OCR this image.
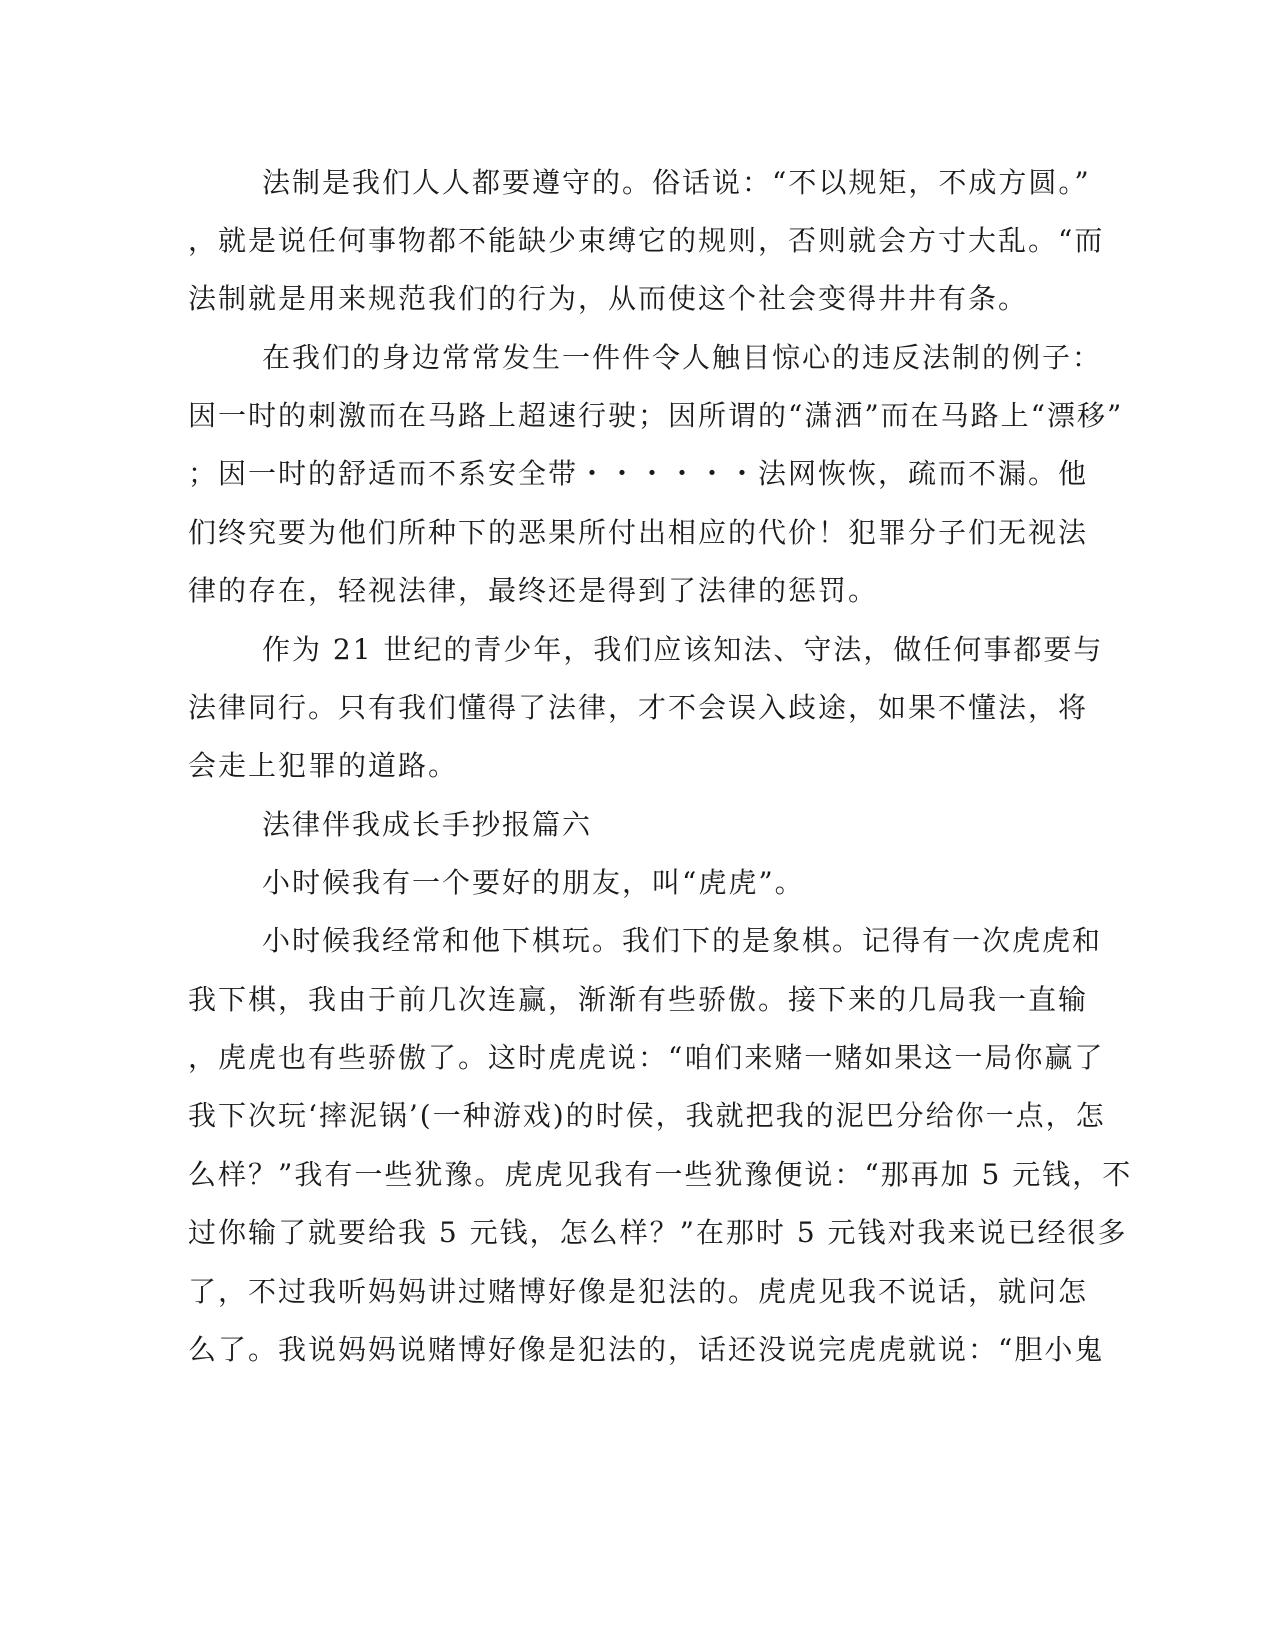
法制是我们人人都要遵守的。俗话说：“不以规矩，不成方圆。”
，就是说任何事物都不能缺少束缚它的规则，否则就会方寸大乱。“而
法制就是用来规范我们的行为，从而使这个社会变得井井有条。
在我们的身边常常发生一件件令人触目惊心的违反法制的例子：
因一时的刺激而在马路上超速行驶；因所谓的“潇洒”而在马路上“漂移”
；因一时的舒适而不系安全带・・・・・・法网恢恢，疏而不漏。他
们终究要为他们所种下的恶果所付出相应的代价！犯罪分子们无视法
律的存在，轻视法律，最终还是得到了法律的惩罚。
作为 21 世纪的青少年，我们应该知法、守法，做任何事都要与
法律同行。只有我们懂得了法律，才不会误入歧途，如果不懂法，将
会走上犯罪的道路。
法律伴我成长手抄报篇六
小时候我有一个要好的朋友，叫“虎虎”。
小时候我经常和他下棋玩。我们下的是象棋。记得有一次虎虎和
我下棋，我由于前几次连赢，渐渐有些骄傲。接下来的几局我一直输
，虎虎也有些骄傲了。这时虎虎说：“咱们来赌一赌如果这一局你赢了
我下次玩‘摔泥锅’(一种游戏)的时侯，我就把我的泥巴分给你一点，怎
么样？”我有一些犹豫。虎虎见我有一些犹豫便说：“那再加 5 元钱，不
过你输了就要给我 5 元钱，怎么样？”在那时 5 元钱对我来说已经很多
了，不过我听妈妈讲过赌博好像是犯法的。虎虎见我不说话，就问怎
么了。我说妈妈说赌博好像是犯法的，话还没说完虎虎就说：“胆小鬼
